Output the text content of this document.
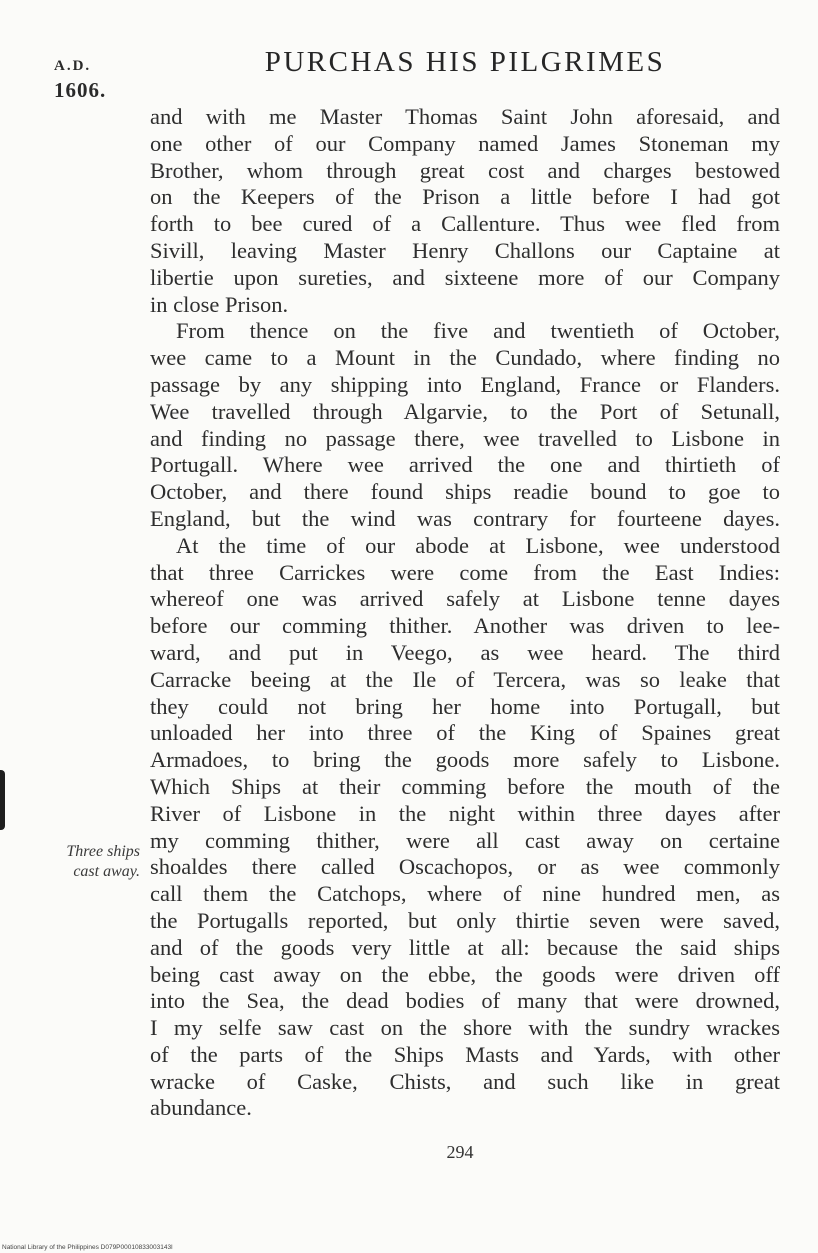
A.D.
1606.
PURCHAS HIS PILGRIMES
and with me Master Thomas Saint John aforesaid, and
one other of our Company named James Stoneman my
Brother, whom through great cost and charges bestowed
on the Keepers of the Prison a little before I had got
forth to bee cured of a Callenture. Thus wee fled from
Sivill, leaving Master Henry Challons our Captaine at
libertie upon sureties, and sixteene more of our Company
in close Prison.
From thence on the five and twentieth of October,
wee came to a Mount in the Cundado, where finding no
passage by any shipping into England, France or Flanders.
Wee travelled through Algarvie, to the Port of Setunall,
and finding no passage there, wee travelled to Lisbone in
Portugall. Where wee arrived the one and thirtieth of
October, and there found ships readie bound to goe to
England, but the wind was contrary for fourteene dayes.
At the time of our abode at Lisbone, wee understood
that three Carrickes were come from the East Indies:
whereof one was arrived safely at Lisbone tenne dayes
before our comming thither. Another was driven to lee-
ward, and put in Veego, as wee heard. The third
Carracke beeing at the Ile of Tercera, was so leake that
they could not bring her home into Portugall, but
unloaded her into three of the King of Spaines great
Armadoes, to bring the goods more safely to Lisbone.
Which Ships at their comming before the mouth of the
River of Lisbone in the night within three dayes after
my comming thither, were all cast away on certaine
shoaldes there called Oscachopos, or as wee commonly
call them the Catchops, where of nine hundred men, as
the Portugalls reported, but only thirtie seven were saved,
and of the goods very little at all: because the said ships
being cast away on the ebbe, the goods were driven off
into the Sea, the dead bodies of many that were drowned,
I my selfe saw cast on the shore with the sundry wrackes
of the parts of the Ships Masts and Yards, with other
wracke of Caske, Chists, and such like in great
abundance.
Three ships
cast away.
294
National Library of the Philippines D079P00010833003143l
